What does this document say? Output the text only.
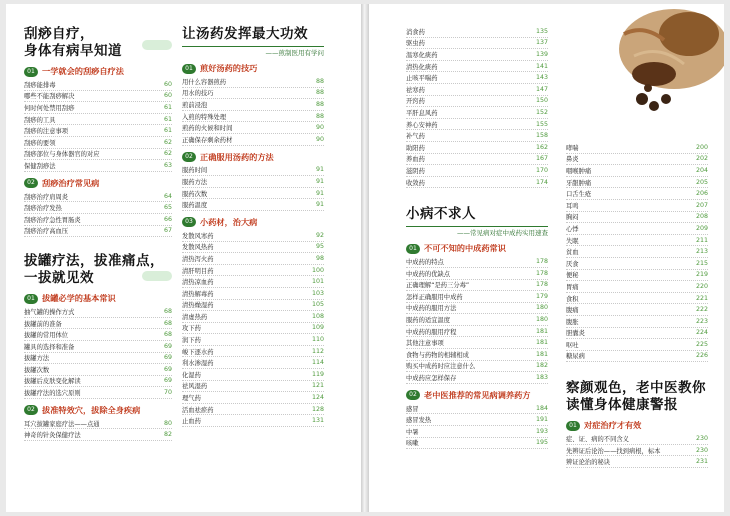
刮痧自疗，
身体有病早知道
01 一学就会的刮痧自疗法
刮痧能排毒	60
哪些不能刮痧解决	60
何时何处禁用刮痧	61
刮痧的工具	61
刮痧的注意事项	61
刮痧的要领	62
刮痧部位与身体器官的对应	62
保健刮痧法	63
02 刮痧治疗常见病
刮痧治疗肩周炎	64
刮痧治疗发热	65
刮痧治疗急性胃肠炎	66
刮痧治疗高血压	67
拔罐疗法，拔准痛点，
一拔就见效
01 拔罐必学的基本常识
抽气罐的操作方式	68
拔罐前的准备	68
拔罐的常用体位	68
罐具的选择和准备	69
拔罐方法	69
拔罐次数	69
拔罐后皮肤变化解读	69
拔罐疗法的选穴原则	70
02 拔准特效穴，拔除全身疾病
耳穴拔罐家庭疗法——点通	80
神奇的针灸保健疗法	82
让汤药发挥最大功效
——煎制医用有学问
01 煎好汤药的技巧
用什么容器煎药	88
用水的技巧	88
煎前浸泡	88
入煎的特殊处理	88
煎药的火候和时间	90
正确保存剩余药材	90
02 正确服用汤药的方法
服药时间	91
服药方法	91
服药次数	91
服药温度	91
03 小药材，治大病
发散风寒药	92
发散风热药	95
清热泻火药	98
清肝明目药	100
清热凉血药	101
清热解毒药	103
清热燥湿药	105
清虚热药	108
攻下药	109
润下药	110
峻下逐水药	112
利水渗湿药	114
化湿药	119
祛风湿药	121
理气药	124
活血祛瘀药	128
止血药	131
消食药	135
驱虫药	137
温寒化痰药	139
清热化痰药	141
止咳平喘药	143
祛寒药	147
开窍药	150
平肝息风药	152
养心安神药	155
补气药	158
助阳药	162
养血药	167
滋阴药	170
收敛药	174
小病不求人
——常见病对症中成药实用速查
01 不可不知的中成药常识
中成药的特点	178
中成药的优缺点	178
正确理解“是药三分毒”	178
怎样正确服用中成药	179
中成药的服用方法	180
服药的适宜温度	180
中成药的服用疗程	181
其他注意事项	181
食物与药物的相辅相成	181
购买中成药时应注意什么	182
中成药应怎样保存	183
02 老中医推荐的常见病调养药方
感冒	184
感冒发热	191
中暑	193
咳嗽	195
哮喘	200
鼻炎	202
咽喉肿痛	204
牙龈肿痛	205
口舌生疮	206
耳鸣	207
胸闷	208
心悸	209
失眠	211
贫血	213
厌食	215
便秘	219
胃痛	220
食积	221
腹痛	222
腹胀	223
胆囊炎	224
呕吐	225
糖尿病	226
察颜观色，老中医教你
读懂身体健康警报
01 对症治疗才有效
症、证、病的不同含义	230
先辨证后论治——找到病根，标本	230
辨证论治的秘诀	231
